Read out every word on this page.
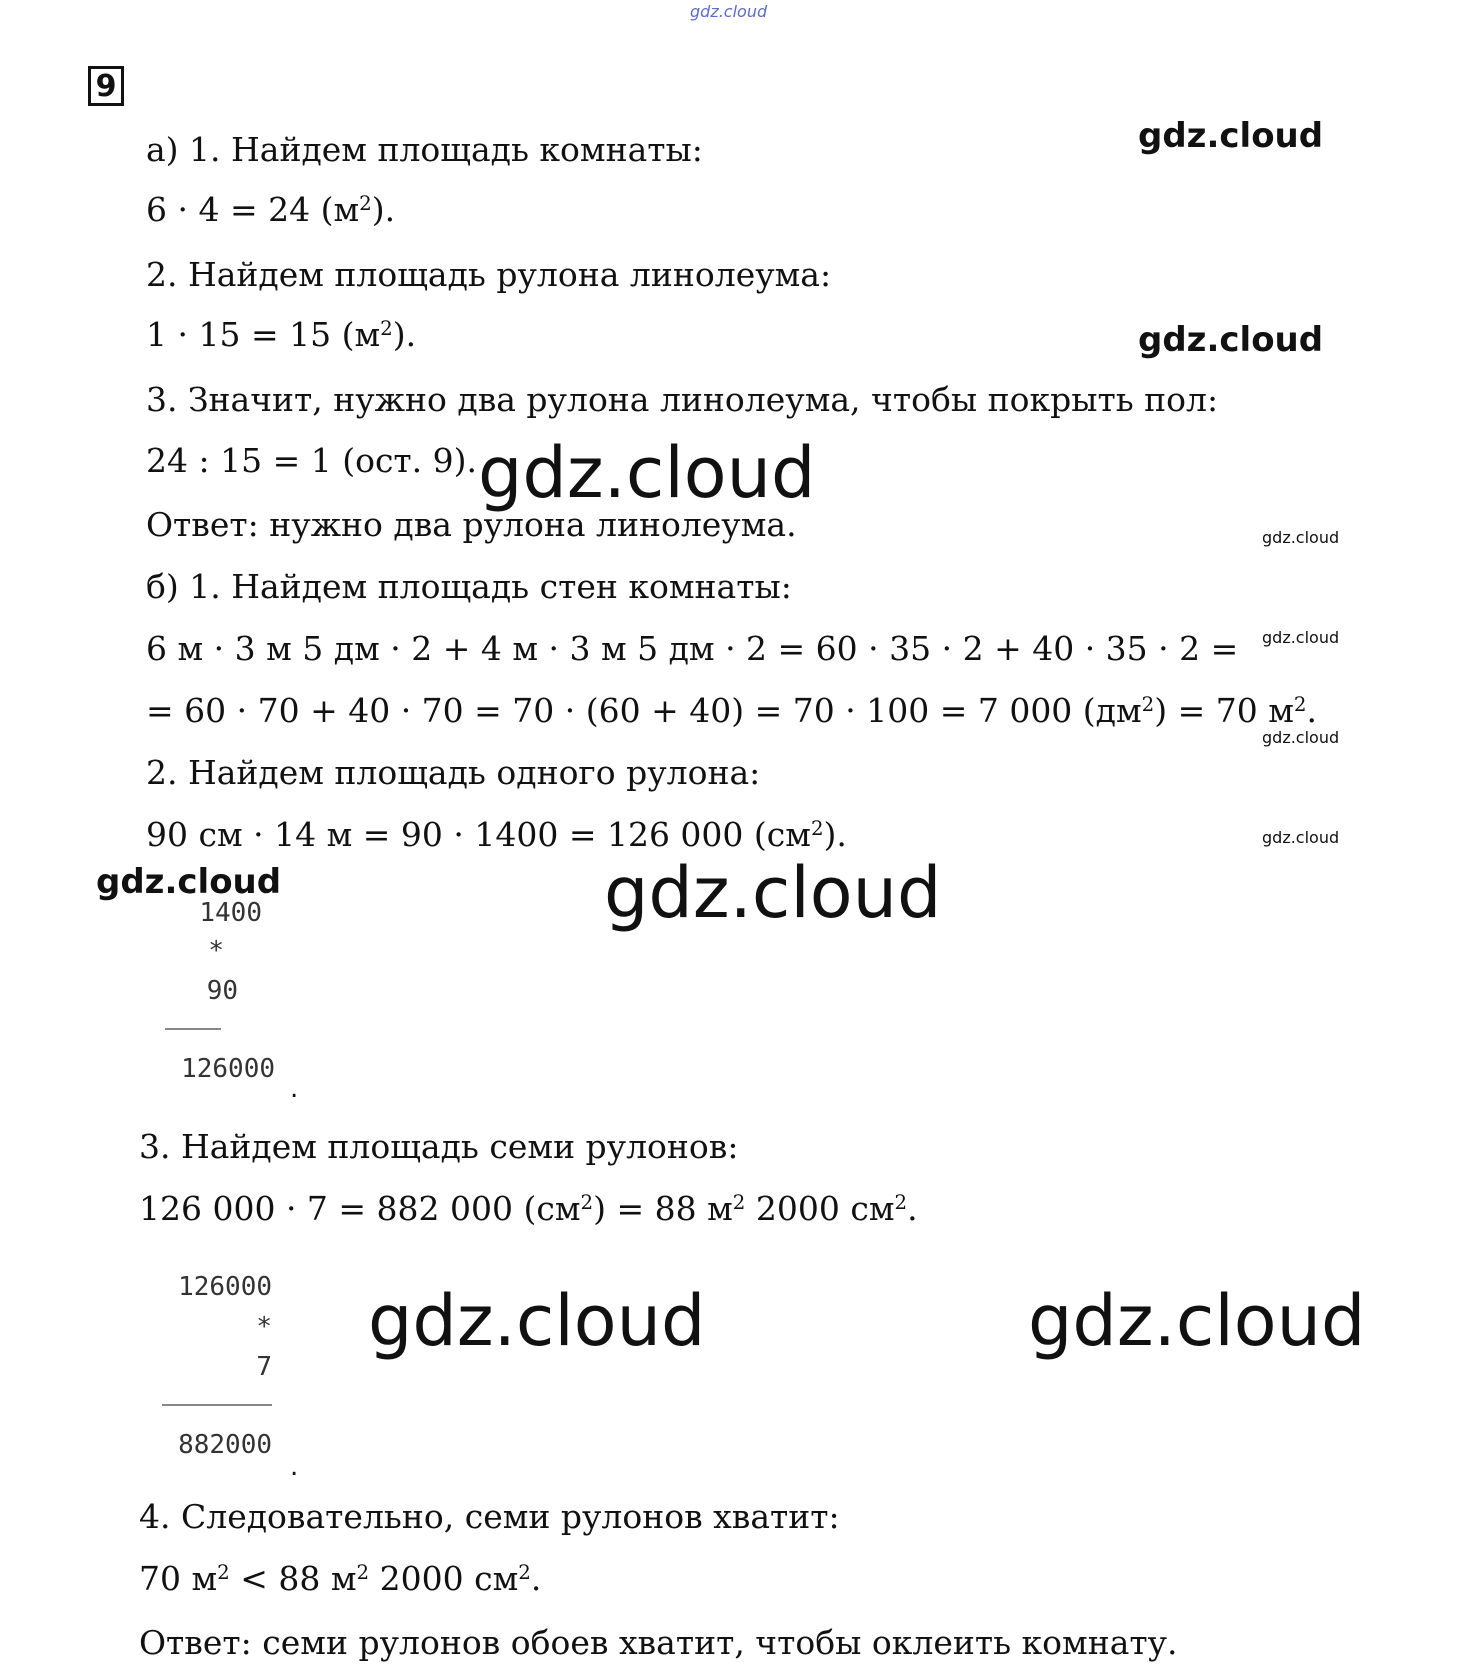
gdz.cloud
9
а) 1. Найдем площадь комнаты:
6 · 4 = 24 $(м^2)$.
2. Найдем площадь рулона линолеума:
1 · 15 = 15 $(м^2)$.
3. Значит, нужно два рулона линолеума, чтобы покрыть пол:
24 : 15 = 1 (ост. 9).
Ответ: нужно два рулона линолеума.
б) 1. Найдем площадь стен комнаты:
6 м · 3 м 5 дм · 2 + 4 м · 3 м 5 дм · 2 = 60 · 35 · 2 + 40 · 35 · 2 =
= 60 · 70 + 40 · 70 = 70 · (60 + 40) = 70 · 100 = 7 000 $(дм^2) = 70$ $м^2$.
2. Найдем площадь одного рулона:
90 см · 14 м = 90 · 1400 = 126 000 $(см^2)$.
1400
*
90
126000
.
3. Найдем площадь семи рулонов:
126 000 · 7 = 882 000 $(см^2) = 88$ $м^2$ 2000 $см^2$.
126000
*
7
882000
.
4. Следовательно, семи рулонов хватит:
70 $м^2 < 88$ $м^2$ 2000 $см^2$.
Ответ: семи рулонов обоев хватит, чтобы оклеить комнату.
gdz.cloud
gdz.cloud
gdz.cloud
gdz.cloud
gdz.cloud
gdz.cloud
gdz.cloud
gdz.cloud	gdz.cloud
gdz.cloud	gdz.cloud
